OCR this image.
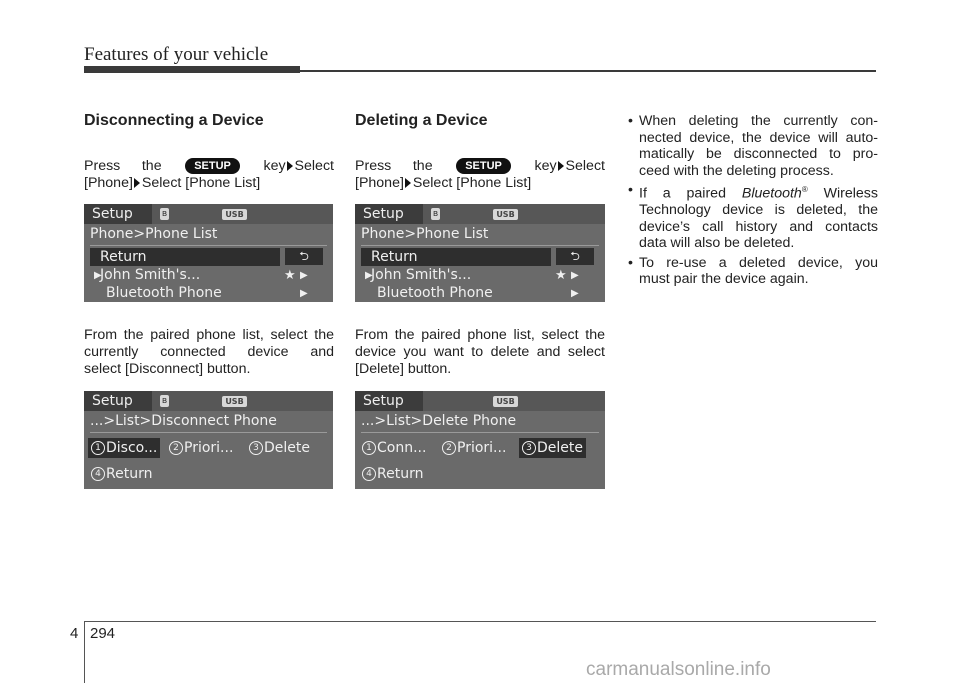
Features of your vehicle
Disconnecting a Device
Press the	SETUP key Select
[Phone] Select [Phone List]
Setup	ʙ	USB
Phone>Phone List
Return	⮌
▶
John Smith's...	★ ▶
Bluetooth Phone	▶
From the paired phone list, select the
currently connected device and
select [Disconnect] button.
Setup	ʙ	USB
...>List>Disconnect Phone
1 Disco...	2 Priori...	3 Delete
4 Return
Deleting a Device
Press the	SETUP key Select
[Phone] Select [Phone List]
Setup	ʙ	USB
Phone>Phone List
Return	⮌
▶
John Smith's...	★ ▶
Bluetooth Phone	▶
From the paired phone list, select the
device you want to delete and select
[Delete] button.
Setup	USB
...>List>Delete Phone
1 Conn...	2 Priori...	3 Delete
4 Return
• When deleting the currently con-
nected device, the device will auto-
matically be disconnected to pro-
ceed with the deleting process.
• If a paired Bluetooth® Wireless
Technology device is deleted, the
device’s call history and contacts
data will also be deleted.
• To re-use a deleted device, you
must pair the device again.
4 294
carmanualsonline.info
